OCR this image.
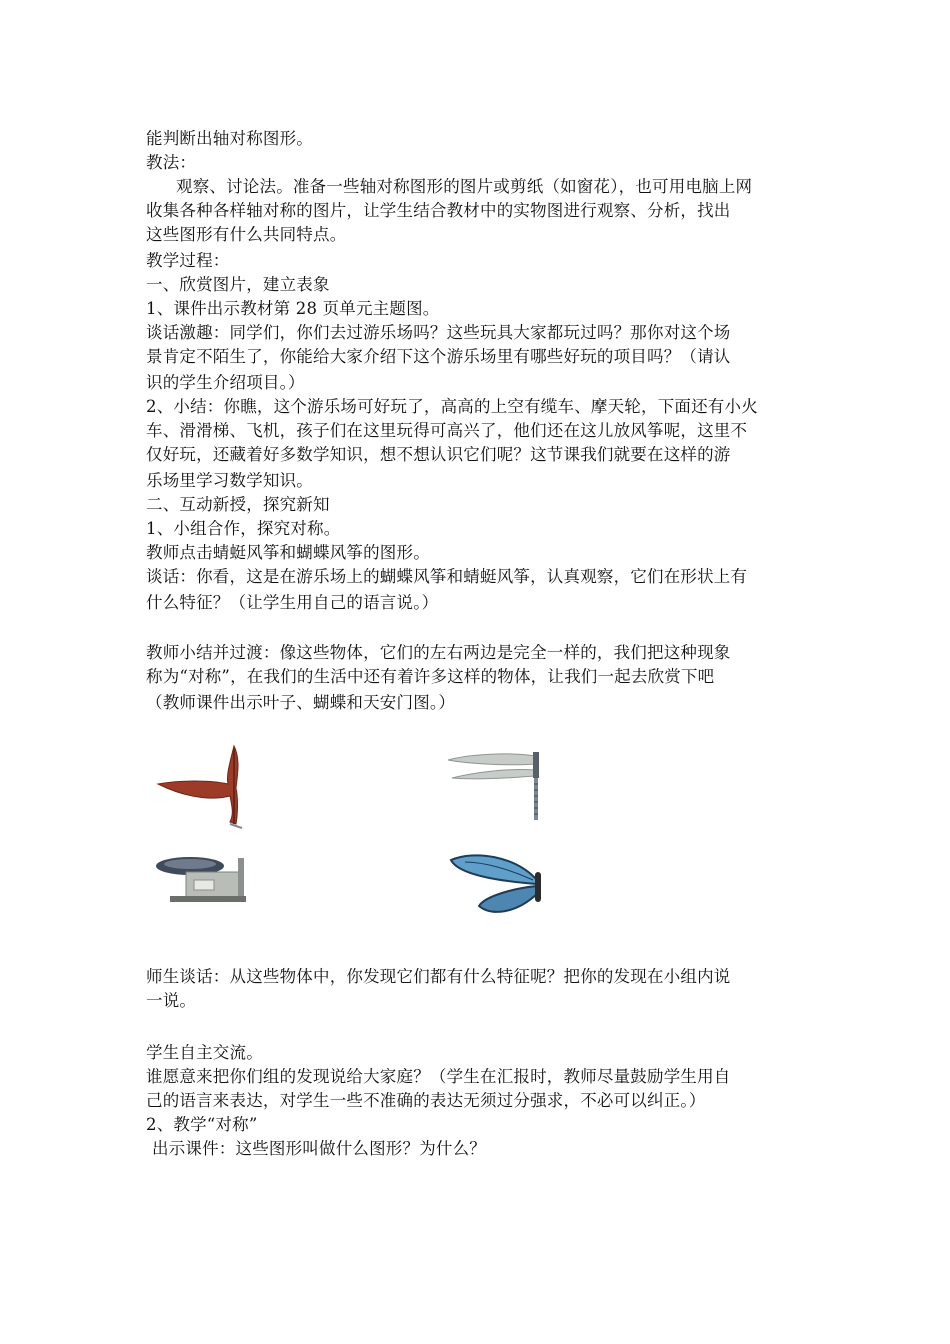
能判断出轴对称图形。
教法：
观察、讨论法。准备一些轴对称图形的图片或剪纸（如窗花），也可用电脑上网
收集各种各样轴对称的图片，让学生结合教材中的实物图进行观察、分析，找出
这些图形有什么共同特点。
教学过程：
一、欣赏图片，建立表象
1、课件出示教材第 28 页单元主题图。
谈话激趣：同学们，你们去过游乐场吗？这些玩具大家都玩过吗？那你对这个场
景肯定不陌生了，你能给大家介绍下这个游乐场里有哪些好玩的项目吗？（请认
识的学生介绍项目。）
2、小结：你瞧，这个游乐场可好玩了，高高的上空有缆车、摩天轮，下面还有小火
车、滑滑梯、飞机，孩子们在这里玩得可高兴了，他们还在这儿放风筝呢，这里不
仅好玩，还藏着好多数学知识，想不想认识它们呢？这节课我们就要在这样的游
乐场里学习数学知识。
二、互动新授，探究新知
1、小组合作，探究对称。
教师点击蜻蜓风筝和蝴蝶风筝的图形。
谈话：你看，这是在游乐场上的蝴蝶风筝和蜻蜓风筝，认真观察，它们在形状上有
什么特征？（让学生用自己的语言说。）
教师小结并过渡：像这些物体，它们的左右两边是完全一样的，我们把这种现象
称为“对称”，在我们的生活中还有着许多这样的物体，让我们一起去欣赏下吧
（教师课件出示叶子、蝴蝶和天安门图。）
师生谈话：从这些物体中，你发现它们都有什么特征呢？把你的发现在小组内说
一说。
学生自主交流。
谁愿意来把你们组的发现说给大家庭？（学生在汇报时，教师尽量鼓励学生用自
己的语言来表达，对学生一些不准确的表达无须过分强求，不必可以纠正。）
2、教学“对称”
出示课件：这些图形叫做什么图形？为什么？
